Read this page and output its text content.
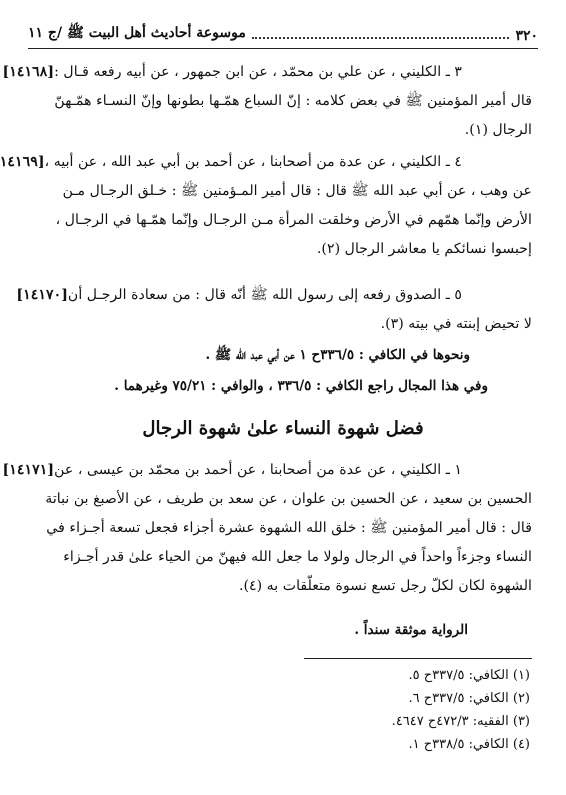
٣٢٠
موسوعة أحاديث أهل البيت ﷺ /ج ١١
٣ ـ الكليني ، عن علي بن محمّد ، عن ابن جمهور ، عن أبيه رفعه قـال :
[١٤١٦٨]
قال أمير المؤمنين ﷺ في بعض كلامه : إنّ السباع همّـها بطونها وإنّ النسـاء همّـهنّ
الرجال (١).
٤ ـ الكليني ، عن عدة من أصحابنا ، عن أحمد بن أبي عبد الله ، عن أبيه ،
[١٤١٦٩
عن وهب ، عن أبي عبد الله ﷺ قال : قال أمير المـؤمنين ﷺ : خـلق الرجـال مـن
الأرض وإنّما همّهم في الأرض وخلقت المرأة مـن الرجـال وإنّما همّـها في الرجـال ،
إحبسوا نسائكم يا معاشر الرجال (٢).
٥ ـ الصدوق رفعه إلى رسول الله ﷺ أنّه قال : من سعادة الرجـل أن
[١٤١٧٠]
لا تحيض إبنته في بيته (٣).
ونحوها في الكافي : ٣٣٦/٥ح ١ عن أبي عبد الله ﷺ .
وفي هذا المجال راجع الكافي : ٣٣٦/٥ ، والوافي : ٧٥/٢١ وغيرهما .
فضل شهوة النساء علىٰ شهوة الرجال
١ ـ الكليني ، عن عدة من أصحابنا ، عن أحمد بن محمّد بن عيسى ، عن
[١٤١٧١]
الحسين بن سعيد ، عن الحسين بن علوان ، عن سعد بن طريف ، عن الأصبغ بن نباتة
قال : قال أمير المؤمنين ﷺ : خلق الله الشهوة عشرة أجزاء فجعل تسعة أجـزاء في
النساء وجزءاً واحداً في الرجال ولولا ما جعل الله فيهنّ من الحياء علىٰ قدر أجـزاء
الشهوة لكان لكلّ رجل تسع نسوة متعلّقات به (٤).
الرواية موثقة سنداً .
(١) الكافي: ٣٣٧/٥ح ٥.
(٢) الكافي: ٣٣٧/٥ح ٦.
(٣) الفقيه: ٤٧٢/٣ح ٤٦٤٧.
(٤) الكافي: ٣٣٨/٥ح ١.
